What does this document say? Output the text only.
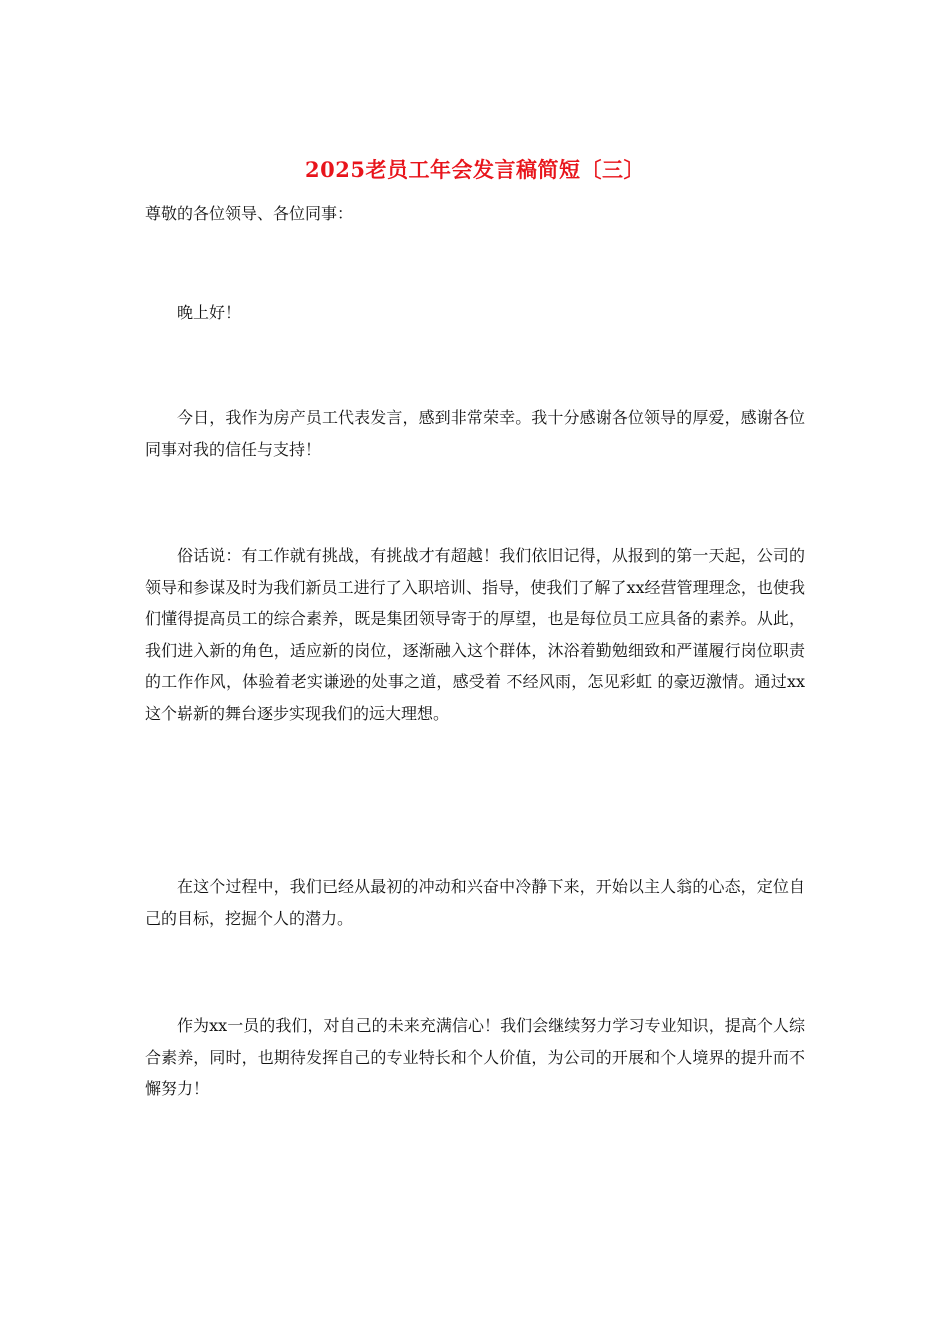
2025老员工年会发言稿简短〔三〕

尊敬的各位领导、各位同事：

晚上好！

今日，我作为房产员工代表发言，感到非常荣幸。我十分感谢各位领导的厚爱，感谢各位同事对我的信任与支持！

俗话说：有工作就有挑战，有挑战才有超越！我们依旧记得，从报到的第一天起，公司的领导和参谋及时为我们新员工进行了入职培训、指导，使我们了解了xx经营管理理念，也使我们懂得提高员工的综合素养，既是集团领导寄于的厚望，也是每位员工应具备的素养。从此，我们进入新的角色，适应新的岗位，逐渐融入这个群体，沐浴着勤勉细致和严谨履行岗位职责的工作作风，体验着老实谦逊的处事之道，感受着 不经风雨，怎见彩虹 的豪迈激情。通过xx这个崭新的舞台逐步实现我们的远大理想。

在这个过程中，我们已经从最初的冲动和兴奋中冷静下来，开始以主人翁的心态，定位自己的目标，挖掘个人的潜力。

作为xx一员的我们，对自己的未来充满信心！我们会继续努力学习专业知识，提高个人综合素养，同时，也期待发挥自己的专业特长和个人价值，为公司的开展和个人境界的提升而不懈努力！
